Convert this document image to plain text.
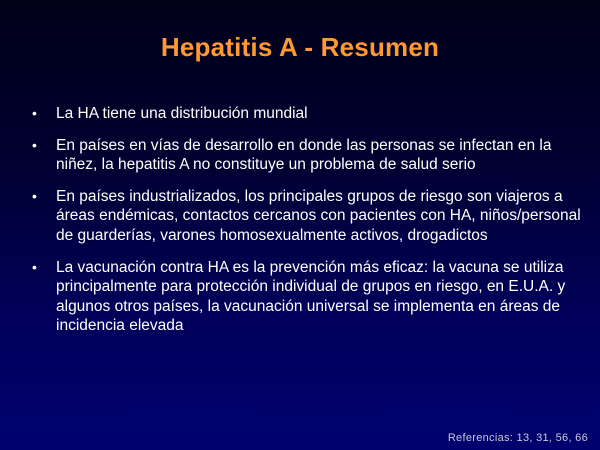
Hepatitis A - Resumen
•	La HA tiene una distribución mundial
•	En países en vías de desarrollo en donde las personas se infectan en la niñez, la hepatitis A no constituye un problema de salud serio
•	En países industrializados, los principales grupos de riesgo son viajeros a áreas endémicas, contactos cercanos con pacientes con HA, niños/personal de guarderías, varones homosexualmente activos, drogadictos
•	La vacunación contra HA es la prevención más eficaz: la vacuna se utiliza principalmente para protección individual de grupos en riesgo, en E.U.A. y algunos otros países, la vacunación universal se implementa en áreas de incidencia elevada
Referencias: 13, 31, 56, 66
